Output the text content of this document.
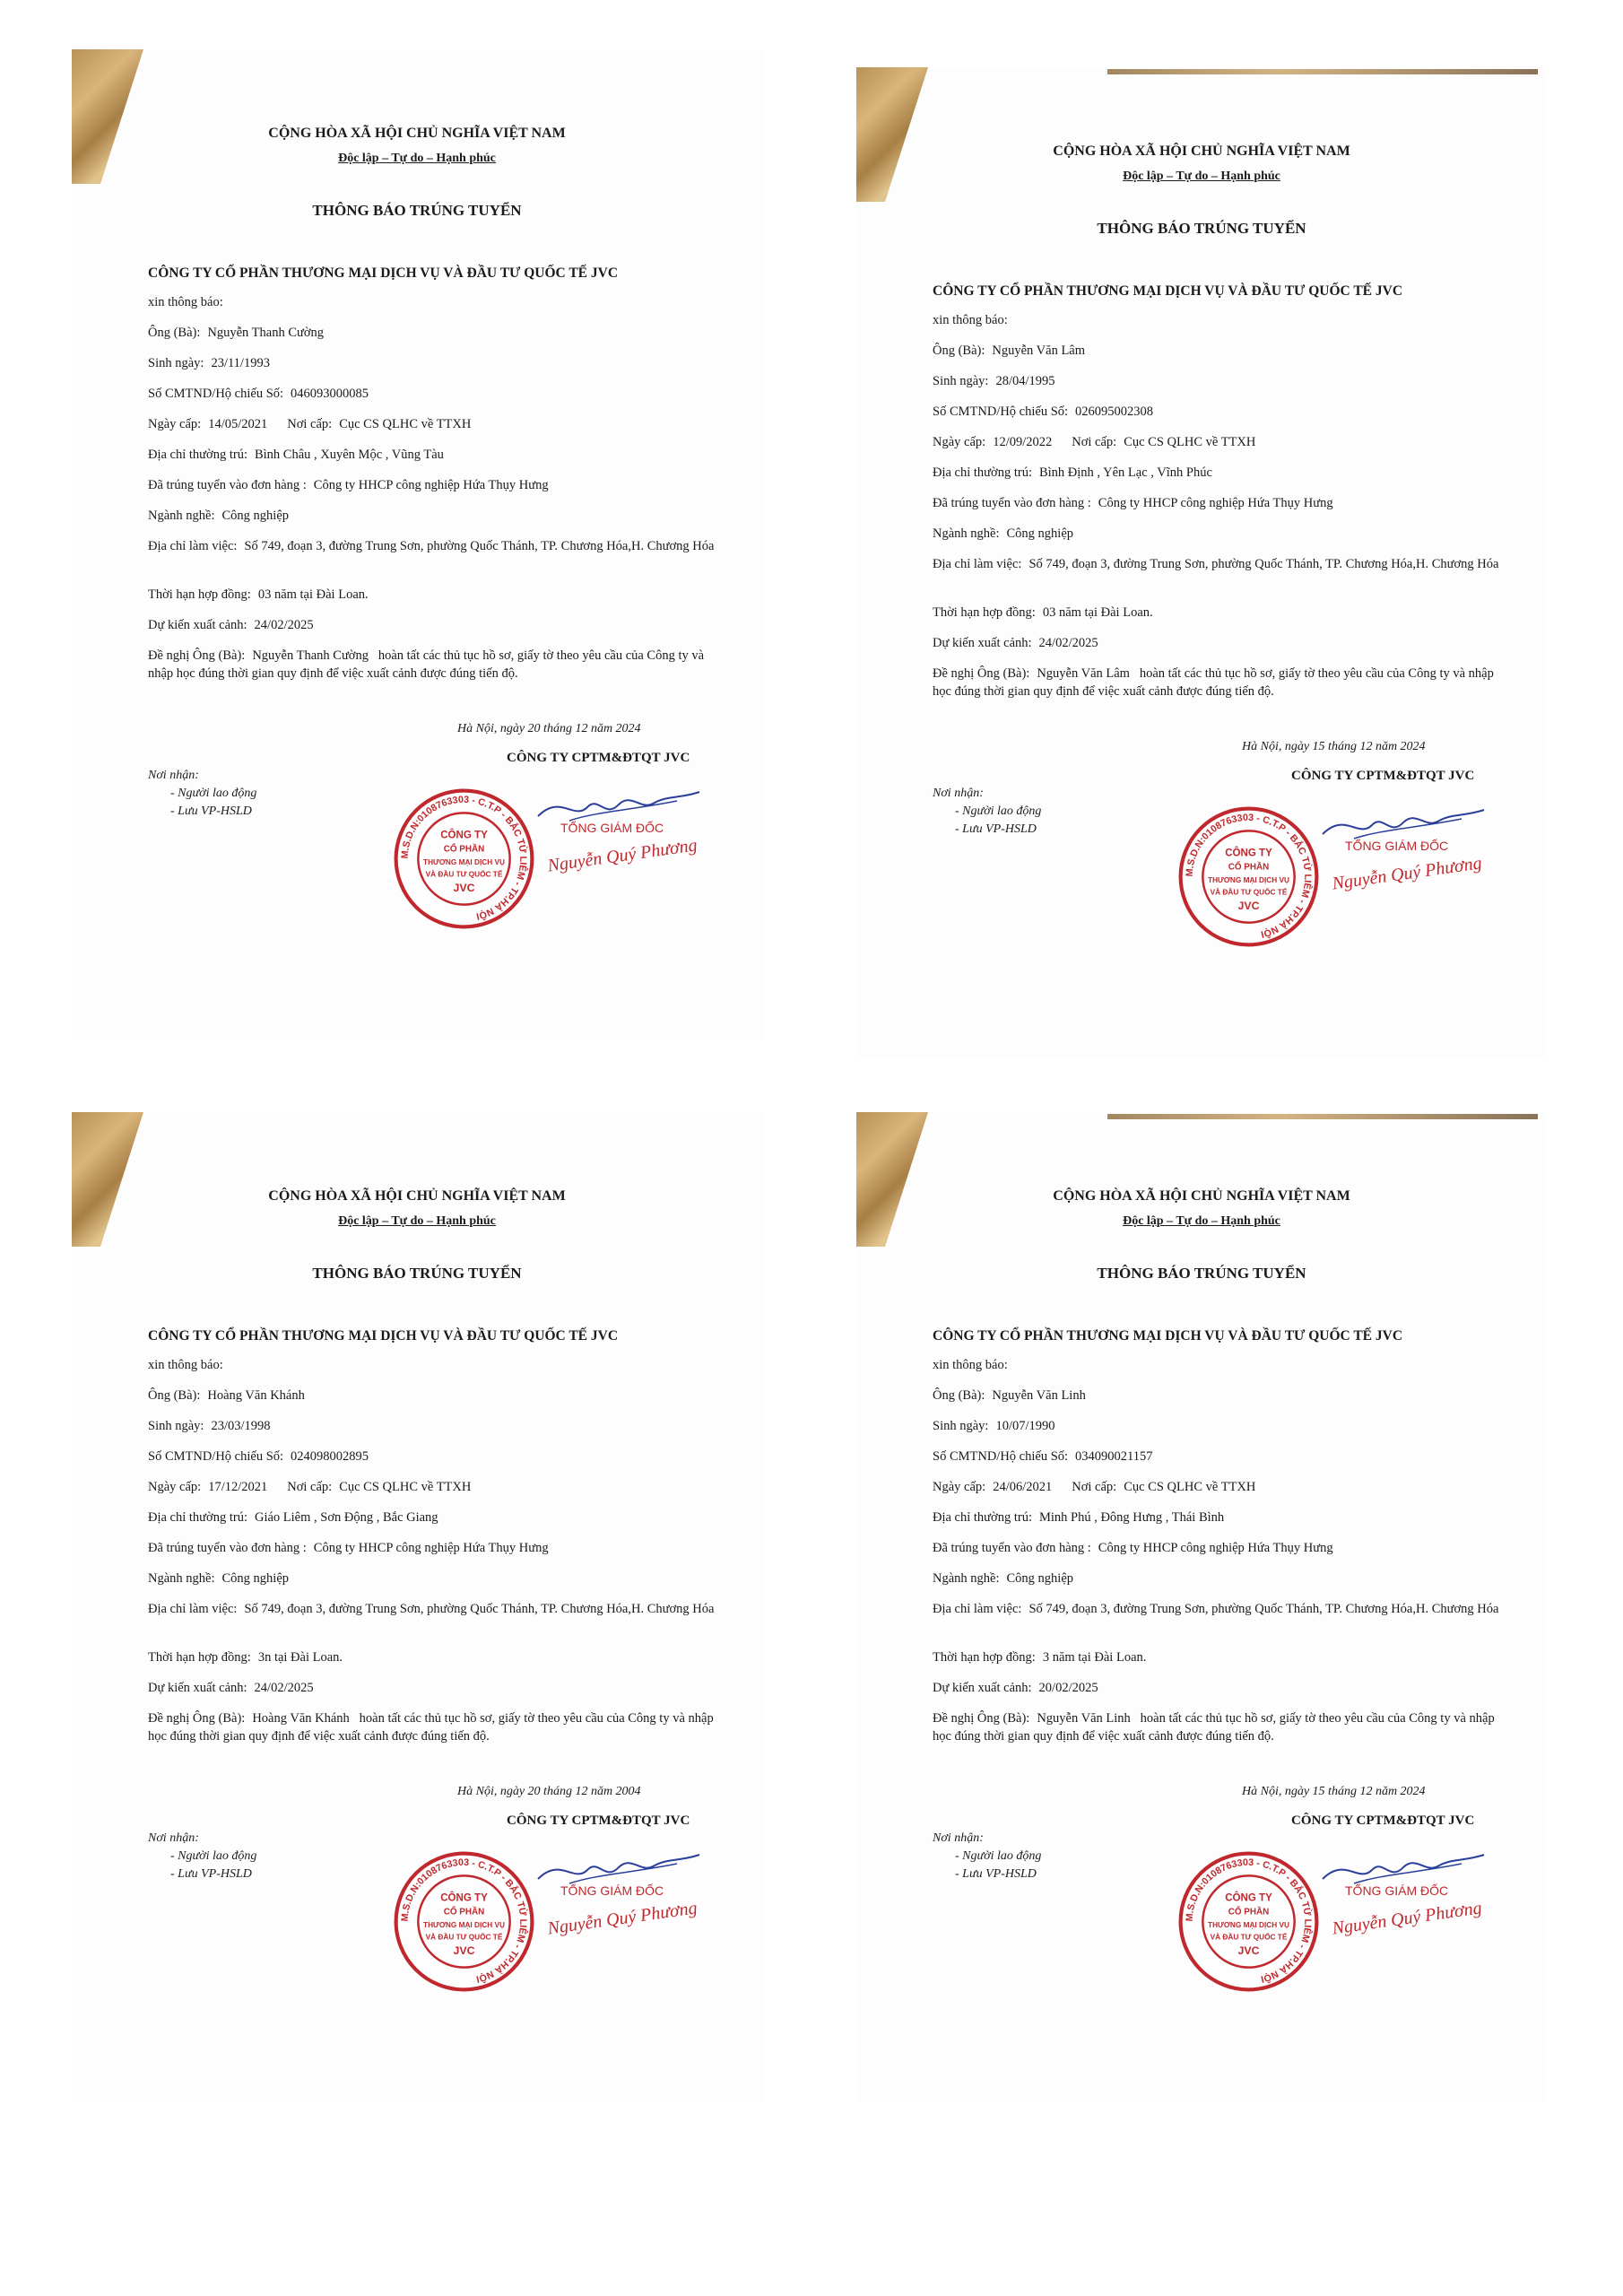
CỘNG HÒA XÃ HỘI CHỦ NGHĨA VIỆT NAM
Độc lập – Tự do – Hạnh phúc
THÔNG BÁO TRÚNG TUYỂN
CÔNG TY CỔ PHẦN THƯƠNG MẠI DỊCH VỤ VÀ ĐẦU TƯ QUỐC TẾ JVC
xin thông báo:
Ông (Bà): Nguyễn Thanh Cường
Sinh ngày: 23/11/1993
Số CMTND/Hộ chiếu Số: 046093000085
Ngày cấp: 14/05/2021 Nơi cấp: Cục CS QLHC về TTXH
Địa chỉ thường trú: Bình Châu , Xuyên Mộc , Vũng Tàu
Đã trúng tuyển vào đơn hàng : Công ty HHCP công nghiệp Hứa Thụy Hưng
Ngành nghề: Công nghiệp
Địa chỉ làm việc: Số 749, đoạn 3, đường Trung Sơn, phường Quốc Thánh, TP. Chương Hóa,H. Chương Hóa
Thời hạn hợp đồng: 03 năm tại Đài Loan.
Dự kiến xuất cảnh: 24/02/2025
Đề nghị Ông (Bà): Nguyễn Thanh Cường hoàn tất các thủ tục hồ sơ, giấy tờ theo yêu cầu của Công ty và nhập học đúng thời gian quy định để việc xuất cảnh được đúng tiến độ.
Hà Nội, ngày 20 tháng 12 năm 2024
Nơi nhận:
- Người lao động
- Lưu VP-HSLD
CÔNG TY CPTM&ĐTQT JVC
M.S.D.N:0108763303 - C.T.P - BẮC TỪ LIÊM - TP.HÀ NỘI
CÔNG TY
CỔ PHẦN
THƯƠNG MẠI DỊCH VỤ
VÀ ĐẦU TƯ QUỐC TẾ
JVC
TỔNG GIÁM ĐỐC
Nguyễn Quý Phương
CỘNG HÒA XÃ HỘI CHỦ NGHĨA VIỆT NAM
Độc lập – Tự do – Hạnh phúc
THÔNG BÁO TRÚNG TUYỂN
CÔNG TY CỔ PHẦN THƯƠNG MẠI DỊCH VỤ VÀ ĐẦU TƯ QUỐC TẾ JVC
xin thông báo:
Ông (Bà): Nguyễn Văn Lâm
Sinh ngày: 28/04/1995
Số CMTND/Hộ chiếu Số: 026095002308
Ngày cấp: 12/09/2022 Nơi cấp: Cục CS QLHC về TTXH
Địa chỉ thường trú: Bình Định , Yên Lạc , Vĩnh Phúc
Đã trúng tuyển vào đơn hàng : Công ty HHCP công nghiệp Hứa Thụy Hưng
Ngành nghề: Công nghiệp
Địa chỉ làm việc: Số 749, đoạn 3, đường Trung Sơn, phường Quốc Thánh, TP. Chương Hóa,H. Chương Hóa
Thời hạn hợp đồng: 03 năm tại Đài Loan.
Dự kiến xuất cảnh: 24/02/2025
Đề nghị Ông (Bà): Nguyễn Văn Lâm hoàn tất các thủ tục hồ sơ, giấy tờ theo yêu cầu của Công ty và nhập học đúng thời gian quy định để việc xuất cảnh được đúng tiến độ.
Hà Nội, ngày 15 tháng 12 năm 2024
Nơi nhận:
- Người lao động
- Lưu VP-HSLD
CÔNG TY CPTM&ĐTQT JVC
M.S.D.N:0108763303 - C.T.P - BẮC TỪ LIÊM - TP.HÀ NỘI
CÔNG TY
CỔ PHẦN
THƯƠNG MẠI DỊCH VỤ
VÀ ĐẦU TƯ QUỐC TẾ
JVC
TỔNG GIÁM ĐỐC
Nguyễn Quý Phương
CỘNG HÒA XÃ HỘI CHỦ NGHĨA VIỆT NAM
Độc lập – Tự do – Hạnh phúc
THÔNG BÁO TRÚNG TUYỂN
CÔNG TY CỔ PHẦN THƯƠNG MẠI DỊCH VỤ VÀ ĐẦU TƯ QUỐC TẾ JVC
xin thông báo:
Ông (Bà): Hoàng Văn Khánh
Sinh ngày: 23/03/1998
Số CMTND/Hộ chiếu Số: 024098002895
Ngày cấp: 17/12/2021 Nơi cấp: Cục CS QLHC về TTXH
Địa chỉ thường trú: Giáo Liêm , Sơn Động , Bắc Giang
Đã trúng tuyển vào đơn hàng : Công ty HHCP công nghiệp Hứa Thụy Hưng
Ngành nghề: Công nghiệp
Địa chỉ làm việc: Số 749, đoạn 3, đường Trung Sơn, phường Quốc Thánh, TP. Chương Hóa,H. Chương Hóa
Thời hạn hợp đồng: 3n tại Đài Loan.
Dự kiến xuất cảnh: 24/02/2025
Đề nghị Ông (Bà): Hoàng Văn Khánh hoàn tất các thủ tục hồ sơ, giấy tờ theo yêu cầu của Công ty và nhập học đúng thời gian quy định để việc xuất cảnh được đúng tiến độ.
Hà Nội, ngày 20 tháng 12 năm 2004
Nơi nhận:
- Người lao động
- Lưu VP-HSLD
CÔNG TY CPTM&ĐTQT JVC
M.S.D.N:0108763303 - C.T.P - BẮC TỪ LIÊM - TP.HÀ NỘI
CÔNG TY
CỔ PHẦN
THƯƠNG MẠI DỊCH VỤ
VÀ ĐẦU TƯ QUỐC TẾ
JVC
TỔNG GIÁM ĐỐC
Nguyễn Quý Phương
CỘNG HÒA XÃ HỘI CHỦ NGHĨA VIỆT NAM
Độc lập – Tự do – Hạnh phúc
THÔNG BÁO TRÚNG TUYỂN
CÔNG TY CỔ PHẦN THƯƠNG MẠI DỊCH VỤ VÀ ĐẦU TƯ QUỐC TẾ JVC
xin thông báo:
Ông (Bà): Nguyễn Văn Linh
Sinh ngày: 10/07/1990
Số CMTND/Hộ chiếu Số: 034090021157
Ngày cấp: 24/06/2021 Nơi cấp: Cục CS QLHC về TTXH
Địa chỉ thường trú: Minh Phú , Đông Hưng , Thái Bình
Đã trúng tuyển vào đơn hàng : Công ty HHCP công nghiệp Hứa Thụy Hưng
Ngành nghề: Công nghiệp
Địa chỉ làm việc: Số 749, đoạn 3, đường Trung Sơn, phường Quốc Thánh, TP. Chương Hóa,H. Chương Hóa
Thời hạn hợp đồng: 3 năm tại Đài Loan.
Dự kiến xuất cảnh: 20/02/2025
Đề nghị Ông (Bà): Nguyễn Văn Linh hoàn tất các thủ tục hồ sơ, giấy tờ theo yêu cầu của Công ty và nhập học đúng thời gian quy định để việc xuất cảnh được đúng tiến độ.
Hà Nội, ngày 15 tháng 12 năm 2024
Nơi nhận:
- Người lao động
- Lưu VP-HSLD
CÔNG TY CPTM&ĐTQT JVC
M.S.D.N:0108763303 - C.T.P - BẮC TỪ LIÊM - TP.HÀ NỘI
CÔNG TY
CỔ PHẦN
THƯƠNG MẠI DỊCH VỤ
VÀ ĐẦU TƯ QUỐC TẾ
JVC
TỔNG GIÁM ĐỐC
Nguyễn Quý Phương
